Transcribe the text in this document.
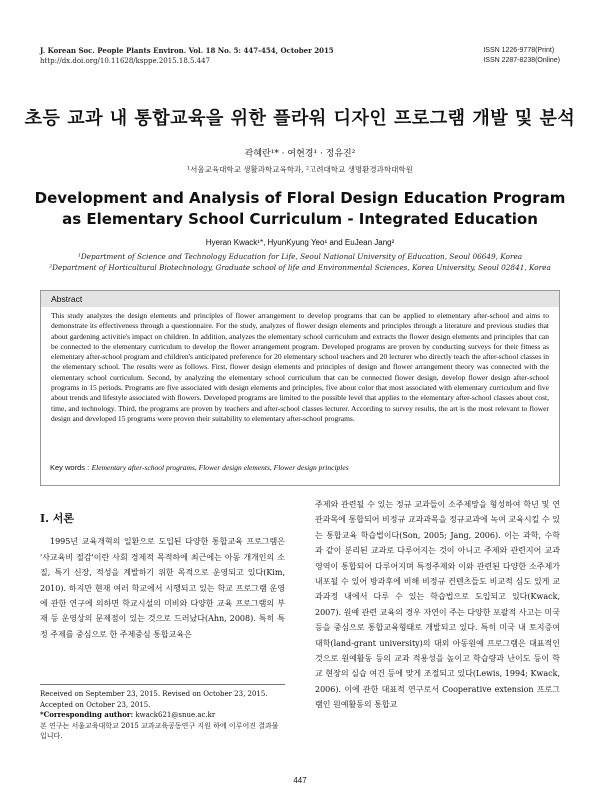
J. Korean Soc. People Plants Environ. Vol. 18 No. 5: 447-454, October 2015
http://dx.doi.org/10.11628/ksppe.2015.18.5.447
ISSN 1226-9778(Print)
ISSN 2287-8238(Online)
초등 교과 내 통합교육을 위한 플라워 디자인 프로그램 개발 및 분석
곽혜란¹* · 여현경¹ · 정유진²
¹서울교육대학교 생활과학교육학과, ²고려대학교 생명환경과학대학원
Development and Analysis of Floral Design Education Program
as Elementary School Curriculum - Integrated Education
Hyeran Kwack¹*, HyunKyung Yeo¹ and EuJean Jang²
¹Department of Science and Technology Education for Life, Seoul National University of Education, Seoul 06649, Korea
²Department of Horticultural Biotechnology, Graduate school of life and Environmental Sciences, Korea University, Seoul 02841, Korea
Abstract
This study analyzes the design elements and principles of flower arrangement to develop programs that can be applied to elementary after-school and aims to demonstrate its effectiveness through a questionnaire. For the study, analyzes of flower design elements and principles through a literature and previous studies that about gardening activitie's impact on children. In addition, analyzes the elementary school curriculum and extracts the flower design elements and principles that can be connected to the elementary curriculum to develop the flower arrangement program. Developed programs are proven by conducting surveys for their fitness as elementary after-school program and children's anticipated preference for 20 elementary school teachers and 20 lecturer who directly teach the after-school classes in the elementary school. The results were as follows. First, flower design elements and principles of design and flower arrangement theory was connected with the elementary school curriculum. Second, by analyzing the elementary school curriculum that can be connected flower design, develop flower design after-school programs in 15 periods. Programs are five associated with design elements and principles, five about color that most associated with elementary curriculum and five about trends and lifestyle associated with flowers. Developed programs are limited to the possible level that applies to the elementary after-school classes about cost, time, and technology. Third, the programs are proven by teachers and after-school classes lecturer. According to survey results, the art is the most relevant to flower design and developed 15 programs were proven their suitability to elementary after-school programs.
Key words : Elementary after-school programs, Flower design elements, Flower design principles
Ⅰ. 서론
1995년 교육개혁의 일환으로 도입된 다양한 통합교육 프로그램은 '사교육비 절감'이란 사회 경제적 목적하에 최근에는 아동 개개인의 소질, 특기 신장, 적성을 계발하기 위한 목적으로 운영되고 있다(Kim, 2010). 하지만 현재 여러 학교에서 시행되고 있는 학교 프로그램 운영에 관한 연구에 의하면 학교시설의 미비와 다양한 교육 프로그램의 부재 등 운영상의 문제점이 있는 것으로 드러났다(Ahn, 2008). 특히 특정 주제를 중심으로 한 주제중심 통합교육은
Received on September 23, 2015. Revised on October 23, 2015. Accepted on October 23, 2015.
*Corresponding author: kwack621@snue.ac.kr
본 연구는 서울교육대학교 2015 교과교육공동연구 지원 하에 이루어진 결과물입니다.
주제와 관련될 수 있는 정규 교과들이 소주제망을 형성하여 학년 및 연관과목에 통합되어 비정규 교과과목을 정규교과에 녹여 교육시킬 수 있는 통합교육 학습법이다(Son, 2005; Jang, 2006). 이는 과학, 수학과 같이 분리된 교과로 다루어지는 것이 아니고 주제와 관련지어 교과 영역이 통합되어 다루어지며 특정주제와 이와 관련된 다양한 소주제가 내포될 수 있어 방과후에 비해 비정규 컨텐츠들도 비교적 심도 있게 교과과정 내에서 다루 수 있는 학습법으로 도입되고 있다(Kwack, 2007). 원예 관련 교육의 경우 자연이 주는 다양한 포괄적 사고는 미국 등을 중심으로 통합교육형태로 개발되고 있다. 특히 미국 내 토지증여대학(land-grant university)의 대외 아동원예 프로그램은 대표적인 것으로 원예활동 등의 교과 적용성을 높이고 학습량과 난이도 등이 학교 현장의 실습 여건 등에 맞게 조절되고 있다(Lewis, 1994; Kwack, 2006). 이에 관한 대표적 연구로서 Cooperative extension 프로그램인 원예활동의 통합교
447
